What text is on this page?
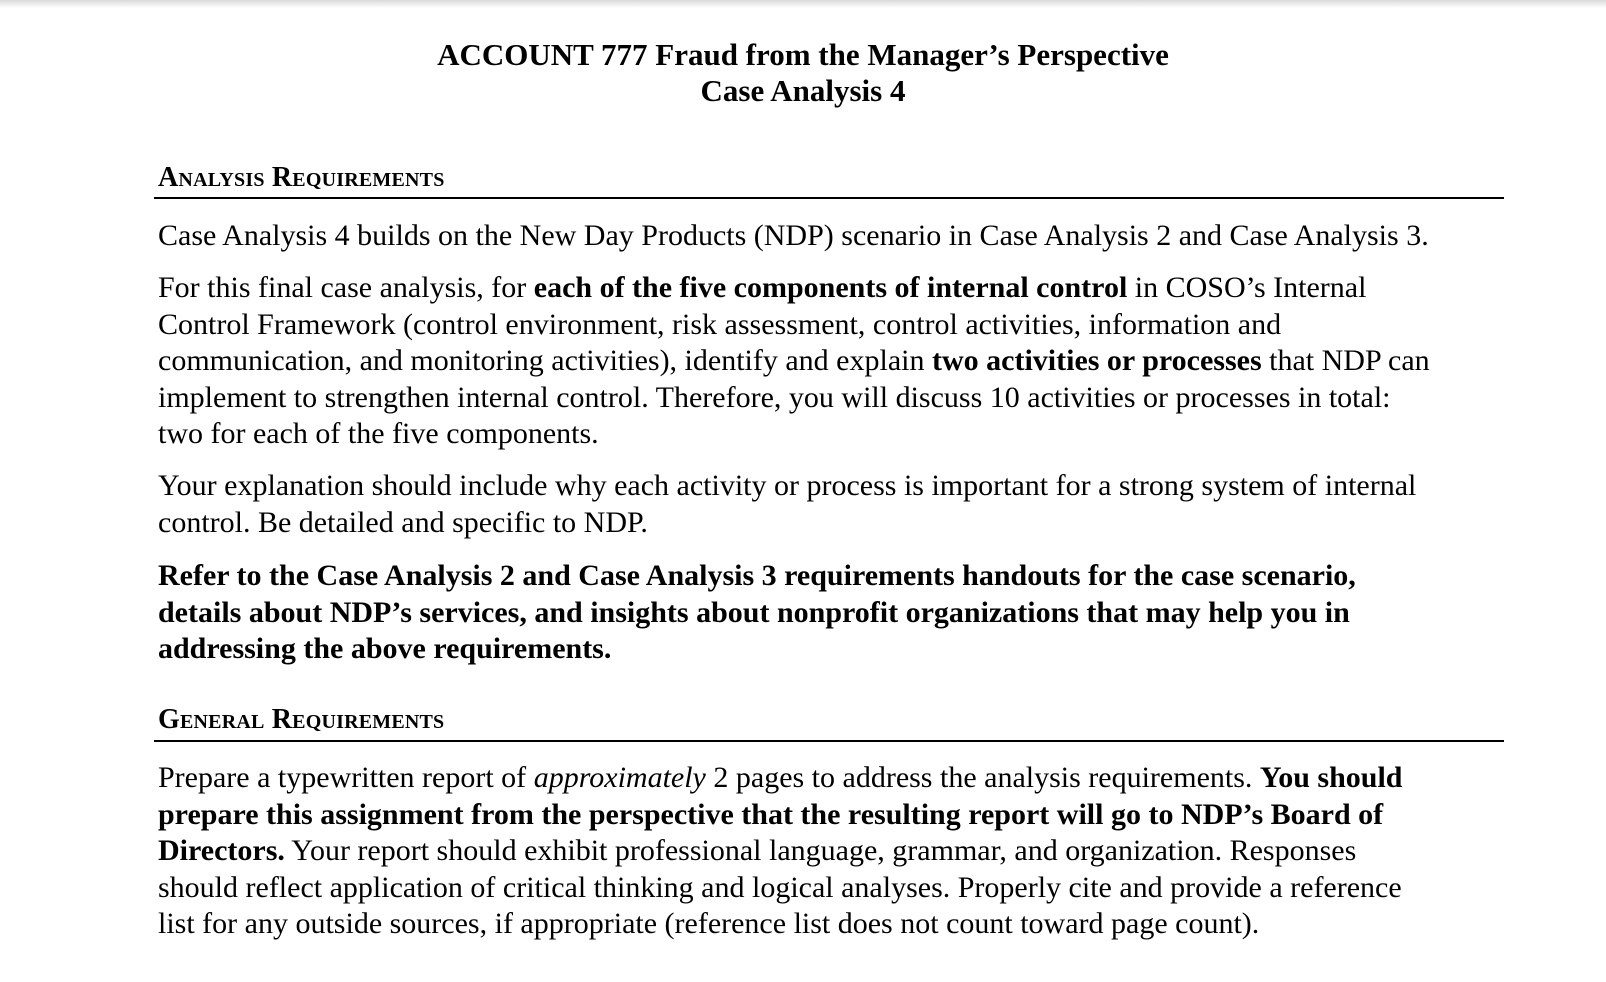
ACCOUNT 777 Fraud from the Manager’s Perspective
Case Analysis 4
Analysis Requirements

Case Analysis 4 builds on the New Day Products (NDP) scenario in Case Analysis 2 and Case Analysis 3.

For this final case analysis, for each of the five components of internal control in COSO’s Internal
Control Framework (control environment, risk assessment, control activities, information and
communication, and monitoring activities), identify and explain two activities or processes that NDP can
implement to strengthen internal control. Therefore, you will discuss 10 activities or processes in total:
two for each of the five components.

Your explanation should include why each activity or process is important for a strong system of internal
control. Be detailed and specific to NDP.

Refer to the Case Analysis 2 and Case Analysis 3 requirements handouts for the case scenario,
details about NDP’s services, and insights about nonprofit organizations that may help you in
addressing the above requirements.

General Requirements

Prepare a typewritten report of approximately 2 pages to address the analysis requirements. You should
prepare this assignment from the perspective that the resulting report will go to NDP’s Board of
Directors. Your report should exhibit professional language, grammar, and organization. Responses
should reflect application of critical thinking and logical analyses. Properly cite and provide a reference
list for any outside sources, if appropriate (reference list does not count toward page count).
